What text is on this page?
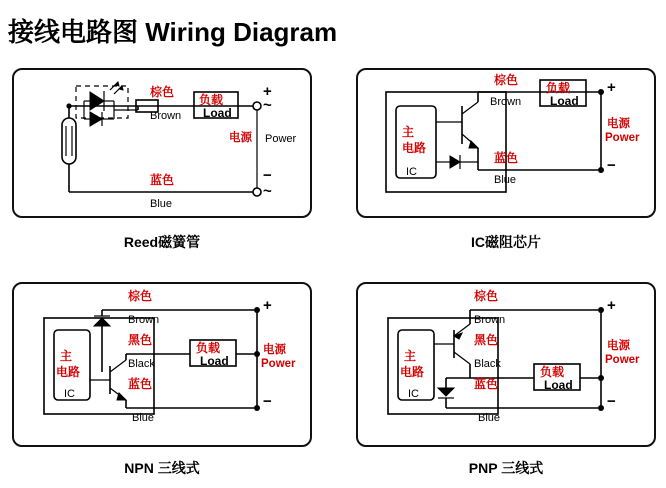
接线电路图 Wiring Diagram
棕色
Brown
蓝色
Blue
负载
Load
+
~
−
~
电源 Power
Reed磁簧管
主
电路
IC
棕色
Brown
蓝色
Blue
负载
Load
+
−
电源
Power
IC磁阻芯片
主
电路
IC
棕色
Brown
黑色
Black
蓝色
Blue
负载
Load
+
−
电源
Power
NPN 三线式
主
电路
IC
棕色
Brown
黑色
Black
蓝色
Blue
负载
Load
+
−
电源
Power
PNP 三线式
